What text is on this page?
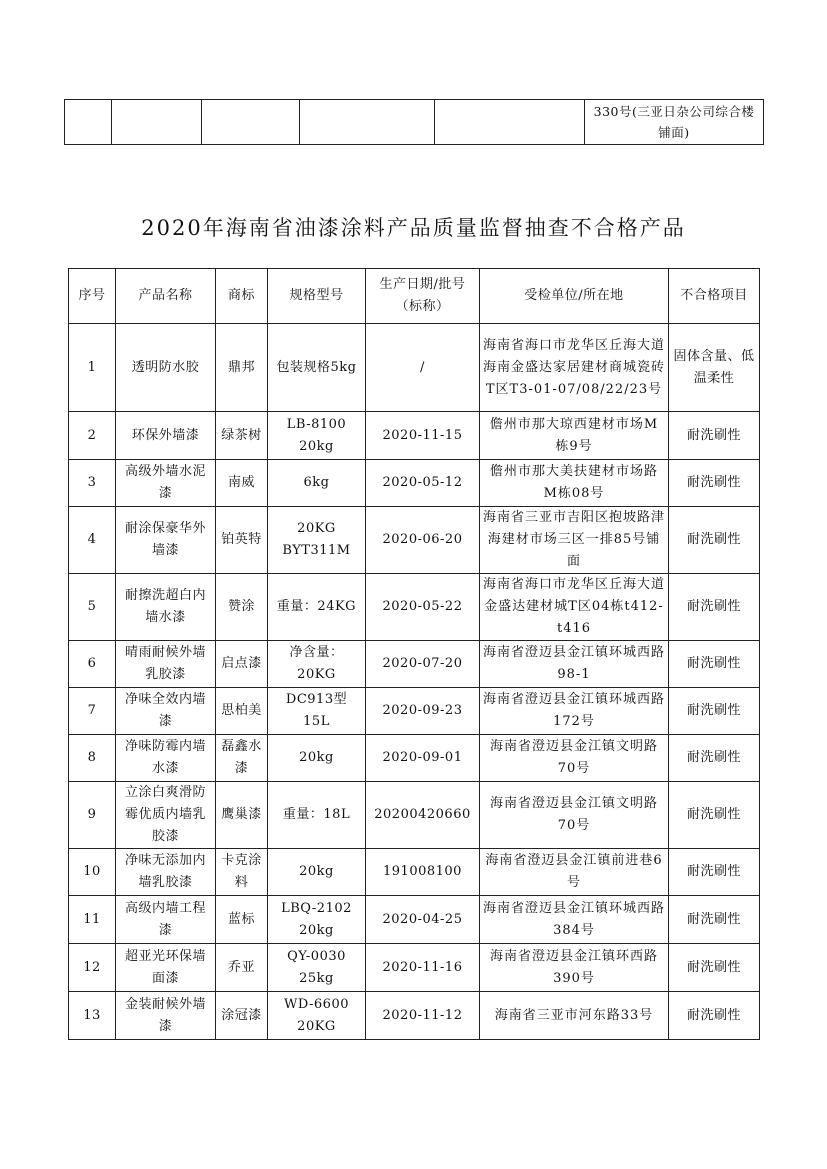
					330号(三亚日杂公司综合楼铺面)
2020年海南省油漆涂料产品质量监督抽查不合格产品
序号	产品名称	商标	规格型号	生产日期/批号（标称）	受检单位/所在地	不合格项目
1	透明防水胶	鼎邦	包装规格5kg	/	海南省海口市龙华区丘海大道海南金盛达家居建材商城瓷砖T区T3-01-07/08/22/23号	固体含量、低温柔性
2	环保外墙漆	绿茶树	LB-8100 20kg	2020-11-15	儋州市那大琼西建材市场M栋9号	耐洗刷性
3	高级外墙水泥漆	南威	6kg	2020-05-12	儋州市那大美扶建材市场路M栋08号	耐洗刷性
4	耐涂保豪华外墙漆	铂英特	20KG BYT311M	2020-06-20	海南省三亚市吉阳区抱坡路津海建材市场三区一排85号铺面	耐洗刷性
5	耐擦洗超白内墙水漆	赞涂	重量：24KG	2020-05-22	海南省海口市龙华区丘海大道金盛达建材城T区04栋t412-t416	耐洗刷性
6	晴雨耐候外墙乳胶漆	启点漆	净含量：20KG	2020-07-20	海南省澄迈县金江镇环城西路98-1	耐洗刷性
7	净味全效内墙漆	思柏美	DC913型 15L	2020-09-23	海南省澄迈县金江镇环城西路172号	耐洗刷性
8	净味防霉内墙水漆	磊鑫水漆	20kg	2020-09-01	海南省澄迈县金江镇文明路70号	耐洗刷性
9	立涂白爽滑防霉优质内墙乳胶漆	鹰巢漆	重量：18L	20200420660	海南省澄迈县金江镇文明路70号	耐洗刷性
10	净味无添加内墙乳胶漆	卡克涂料	20kg	191008100	海南省澄迈县金江镇前进巷6号	耐洗刷性
11	高级内墙工程漆	蓝标	LBQ-2102 20kg	2020-04-25	海南省澄迈县金江镇环城西路384号	耐洗刷性
12	超亚光环保墙面漆	乔亚	QY-0030 25kg	2020-11-16	海南省澄迈县金江镇环西路390号	耐洗刷性
13	金装耐候外墙漆	涂冠漆	WD-6600 20KG	2020-11-12	海南省三亚市河东路33号	耐洗刷性
